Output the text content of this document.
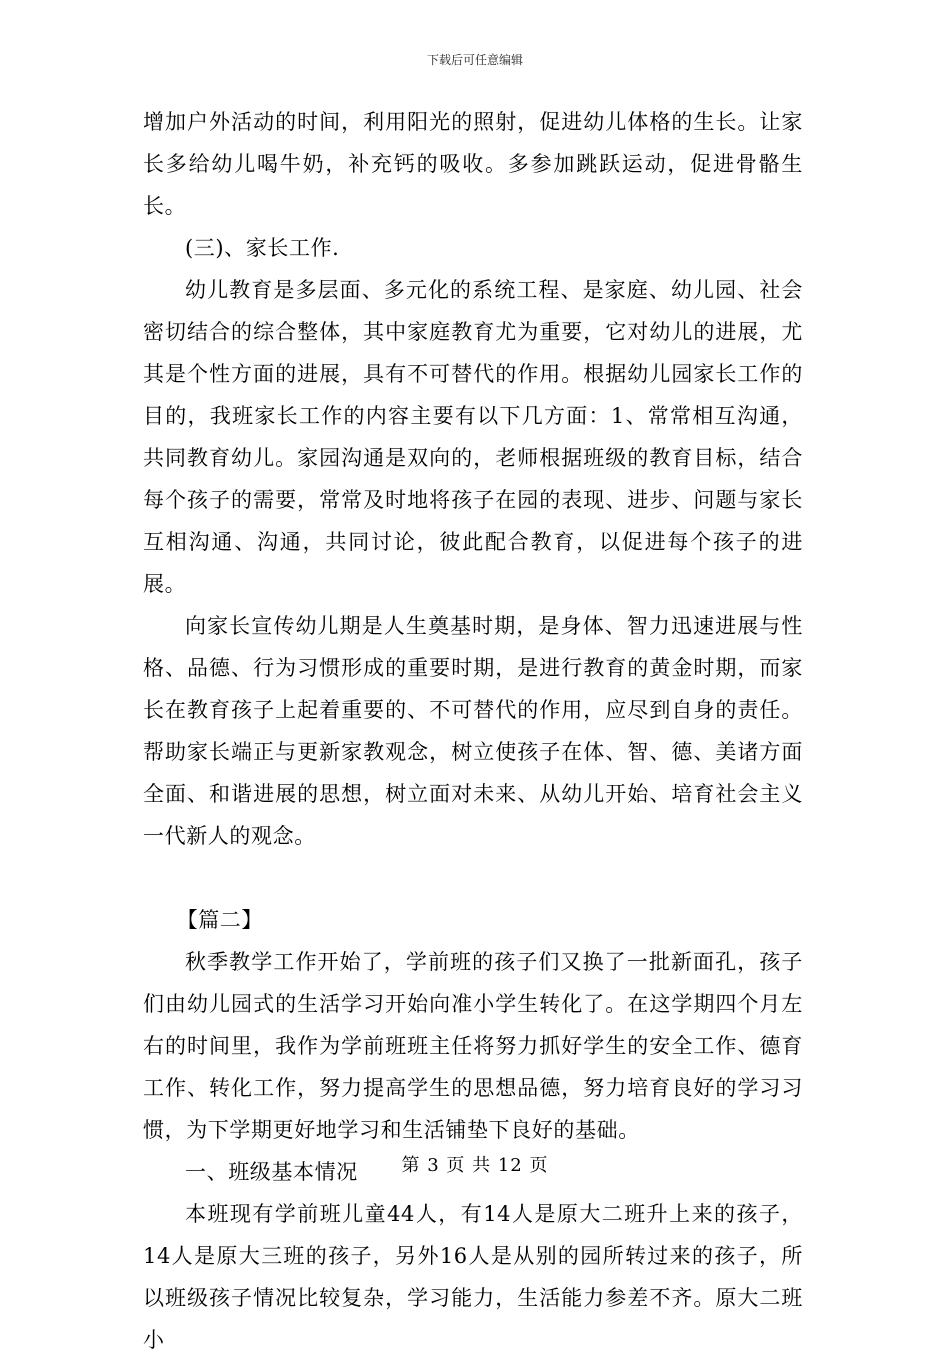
下载后可任意编辑

增加户外活动的时间，利用阳光的照射，促进幼儿体格的生长。让家长多给幼儿喝牛奶，补充钙的吸收。多参加跳跃运动，促进骨骼生长。

(三)、家长工作.

幼儿教育是多层面、多元化的系统工程、是家庭、幼儿园、社会密切结合的综合整体，其中家庭教育尤为重要，它对幼儿的进展，尤其是个性方面的进展，具有不可替代的作用。根据幼儿园家长工作的目的，我班家长工作的内容主要有以下几方面：1、常常相互沟通，共同教育幼儿。家园沟通是双向的，老师根据班级的教育目标，结合每个孩子的需要，常常及时地将孩子在园的表现、进步、问题与家长互相沟通、沟通，共同讨论，彼此配合教育，以促进每个孩子的进展。

向家长宣传幼儿期是人生奠基时期，是身体、智力迅速进展与性格、品德、行为习惯形成的重要时期，是进行教育的黄金时期，而家长在教育孩子上起着重要的、不可替代的作用，应尽到自身的责任。帮助家长端正与更新家教观念，树立使孩子在体、智、德、美诸方面全面、和谐进展的思想，树立面对未来、从幼儿开始、培育社会主义一代新人的观念。

【篇二】

秋季教学工作开始了，学前班的孩子们又换了一批新面孔，孩子们由幼儿园式的生活学习开始向准小学生转化了。在这学期四个月左右的时间里，我作为学前班班主任将努力抓好学生的安全工作、德育工作、转化工作，努力提高学生的思想品德，努力培育良好的学习习惯，为下学期更好地学习和生活铺垫下良好的基础。

一、班级基本情况

本班现有学前班儿童44人，有14人是原大二班升上来的孩子，14人是原大三班的孩子，另外16人是从别的园所转过来的孩子，所以班级孩子情况比较复杂，学习能力，生活能力参差不齐。原大二班小

第 3 页 共 12 页
